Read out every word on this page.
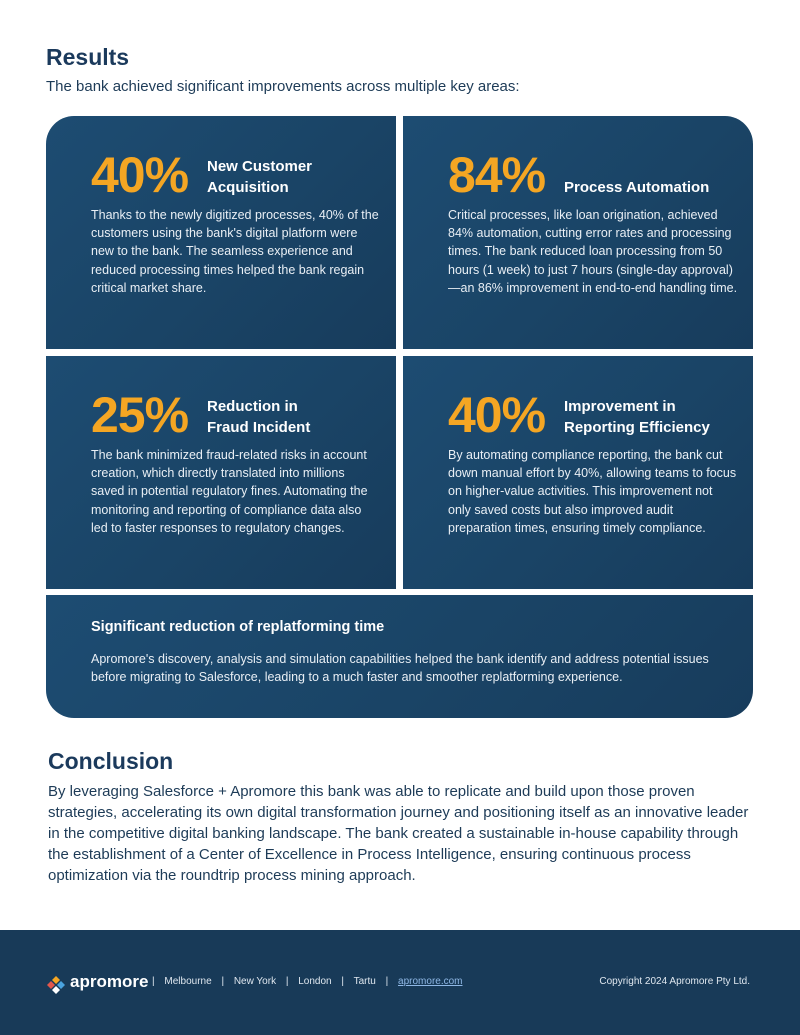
Results
The bank achieved significant improvements across multiple key areas:
40% New Customer
Acquisition
Thanks to the newly digitized processes, 40% of the customers using the bank's digital platform were new to the bank. The seamless experience and reduced processing times helped the bank regain critical market share.
84% Process Automation
Critical processes, like loan origination, achieved 84% automation, cutting error rates and processing times. The bank reduced loan processing from 50 hours (1 week) to just 7 hours (single-day approval)—an 86% improvement in end-to-end handling time.
25% Reduction in
Fraud Incident
The bank minimized fraud-related risks in account creation, which directly translated into millions saved in potential regulatory fines. Automating the monitoring and reporting of compliance data also led to faster responses to regulatory changes.
40% Improvement in
Reporting Efficiency
By automating compliance reporting, the bank cut down manual effort by 40%, allowing teams to focus on higher-value activities. This improvement not only saved costs but also improved audit preparation times, ensuring timely compliance.
Significant reduction of replatforming time
Apromore's discovery, analysis and simulation capabilities helped the bank identify and address potential issues before migrating to Salesforce, leading to a much faster and smoother replatforming experience.
Conclusion
By leveraging Salesforce + Apromore this bank was able to replicate and build upon those proven strategies, accelerating its own digital transformation journey and positioning itself as an innovative leader in the competitive digital banking landscape. The bank created a sustainable in-house capability through the establishment of a Center of Excellence in Process Intelligence, ensuring continuous process optimization via the roundtrip process mining approach.
apromore | Melbourne | New York | London | Tartu | apromore.com	Copyright 2024 Apromore Pty Ltd.
